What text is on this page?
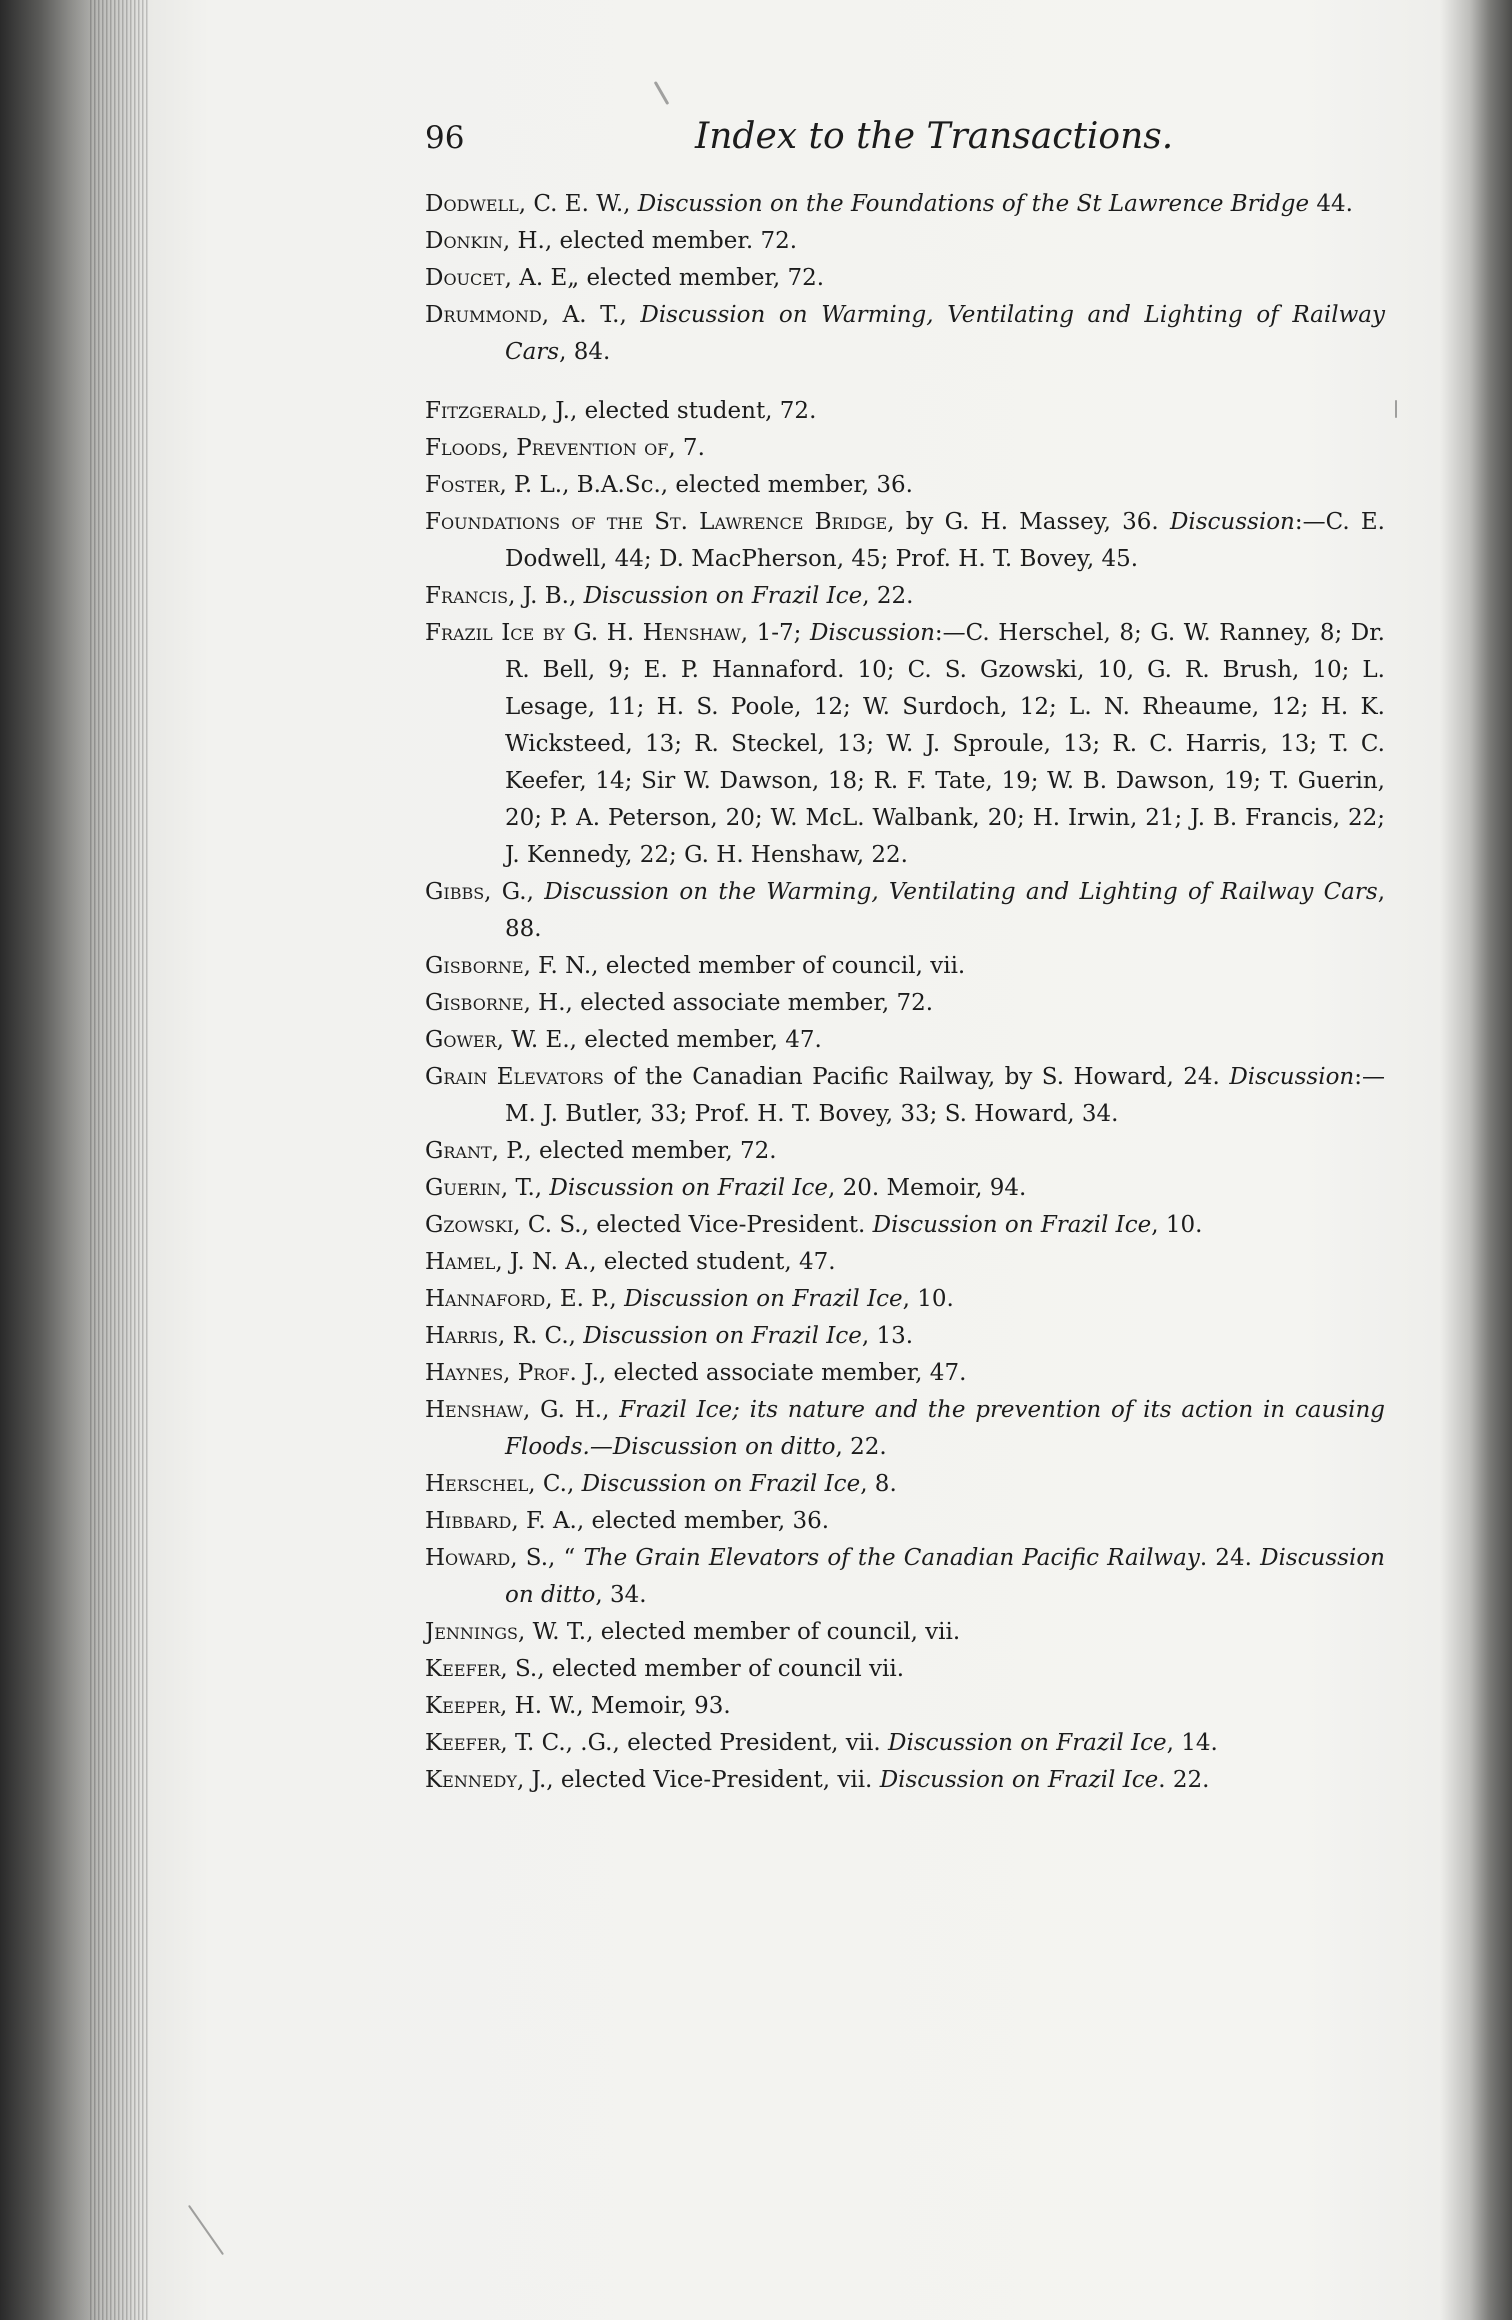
96	Index to the Transactions.

Dodwell, C. E. W., Discussion on the Foundations of the St Lawrence Bridge 44.

Donkin, H., elected member. 72.

Doucet, A. E„ elected member, 72.

Drummond, A. T., Discussion on Warming, Ventilating and Lighting of Railway Cars, 84.

Fitzgerald, J., elected student, 72.

Floods, Prevention of, 7.

Foster, P. L., B.A.Sc., elected member, 36.

Foundations of the St. Lawrence Bridge, by G. H. Massey, 36. Discussion:—C. E. Dodwell, 44; D. MacPherson, 45; Prof. H. T. Bovey, 45.

Francis, J. B., Discussion on Frazil Ice, 22.

Frazil Ice by G. H. Henshaw, 1-7; Discussion:—C. Herschel, 8; G. W. Ranney, 8; Dr. R. Bell, 9; E. P. Hannaford. 10; C. S. Gzowski, 10, G. R. Brush, 10; L. Lesage, 11; H. S. Poole, 12; W. Surdoch, 12; L. N. Rheaume, 12; H. K. Wicksteed, 13; R. Steckel, 13; W. J. Sproule, 13; R. C. Harris, 13; T. C. Keefer, 14; Sir W. Dawson, 18; R. F. Tate, 19; W. B. Dawson, 19; T. Guerin, 20; P. A. Peterson, 20; W. McL. Walbank, 20; H. Irwin, 21; J. B. Francis, 22; J. Kennedy, 22; G. H. Henshaw, 22.

Gibbs, G., Discussion on the Warming, Ventilating and Lighting of Railway Cars, 88.

Gisborne, F. N., elected member of council, vii.

Gisborne, H., elected associate member, 72.

Gower, W. E., elected member, 47.

Grain Elevators of the Canadian Pacific Railway, by S. Howard, 24. Discussion:—M. J. Butler, 33; Prof. H. T. Bovey, 33; S. Howard, 34.

Grant, P., elected member, 72.

Guerin, T., Discussion on Frazil Ice, 20. Memoir, 94.

Gzowski, C. S., elected Vice-President. Discussion on Frazil Ice, 10.

Hamel, J. N. A., elected student, 47.

Hannaford, E. P., Discussion on Frazil Ice, 10.

Harris, R. C., Discussion on Frazil Ice, 13.

Haynes, Prof. J., elected associate member, 47.

Henshaw, G. H., Frazil Ice; its nature and the prevention of its action in causing Floods.—Discussion on ditto, 22.

Herschel, C., Discussion on Frazil Ice, 8.

Hibbard, F. A., elected member, 36.

Howard, S., “ The Grain Elevators of the Canadian Pacific Railway. 24. Discussion on ditto, 34.

Jennings, W. T., elected member of council, vii.

Keefer, S., elected member of council vii.

Keeper, H. W., Memoir, 93.

Keefer, T. C., .G., elected President, vii. Discussion on Frazil Ice, 14.

Kennedy, J., elected Vice-President, vii. Discussion on Frazil Ice. 22.
